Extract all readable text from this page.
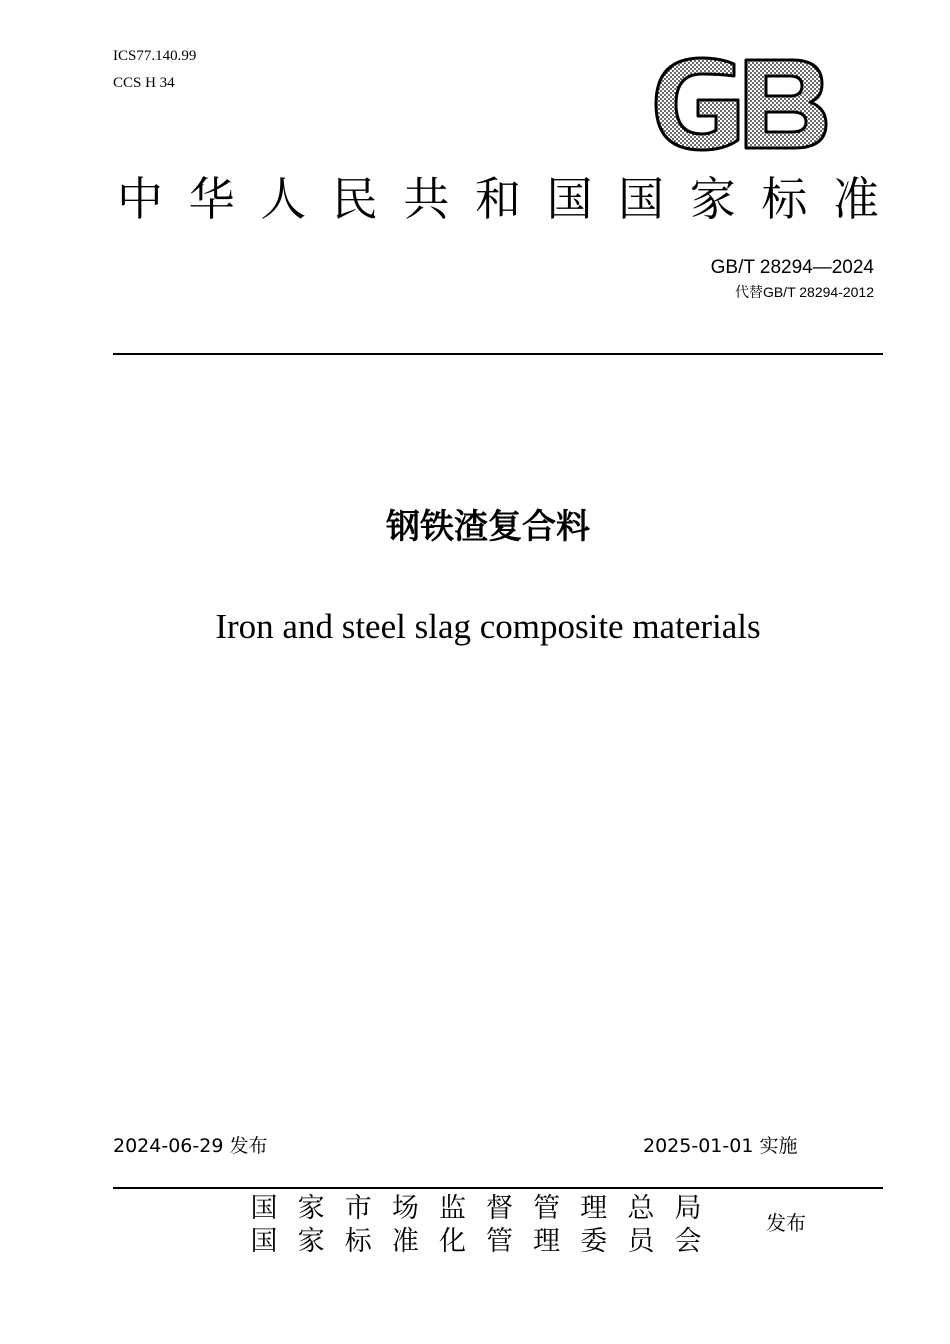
ICS77.140.99
CCS H 34
中 华 人 民 共 和 国 国 家 标 准
GB/T 28294—2024
代替GB/T 28294-2012
钢铁渣复合料
Iron and steel slag composite materials
2024-06-29 发布	2025-01-01 实施
国 家 市 场 监 督 管 理 总 局
国 家 标 准 化 管 理 委 员 会
发布
